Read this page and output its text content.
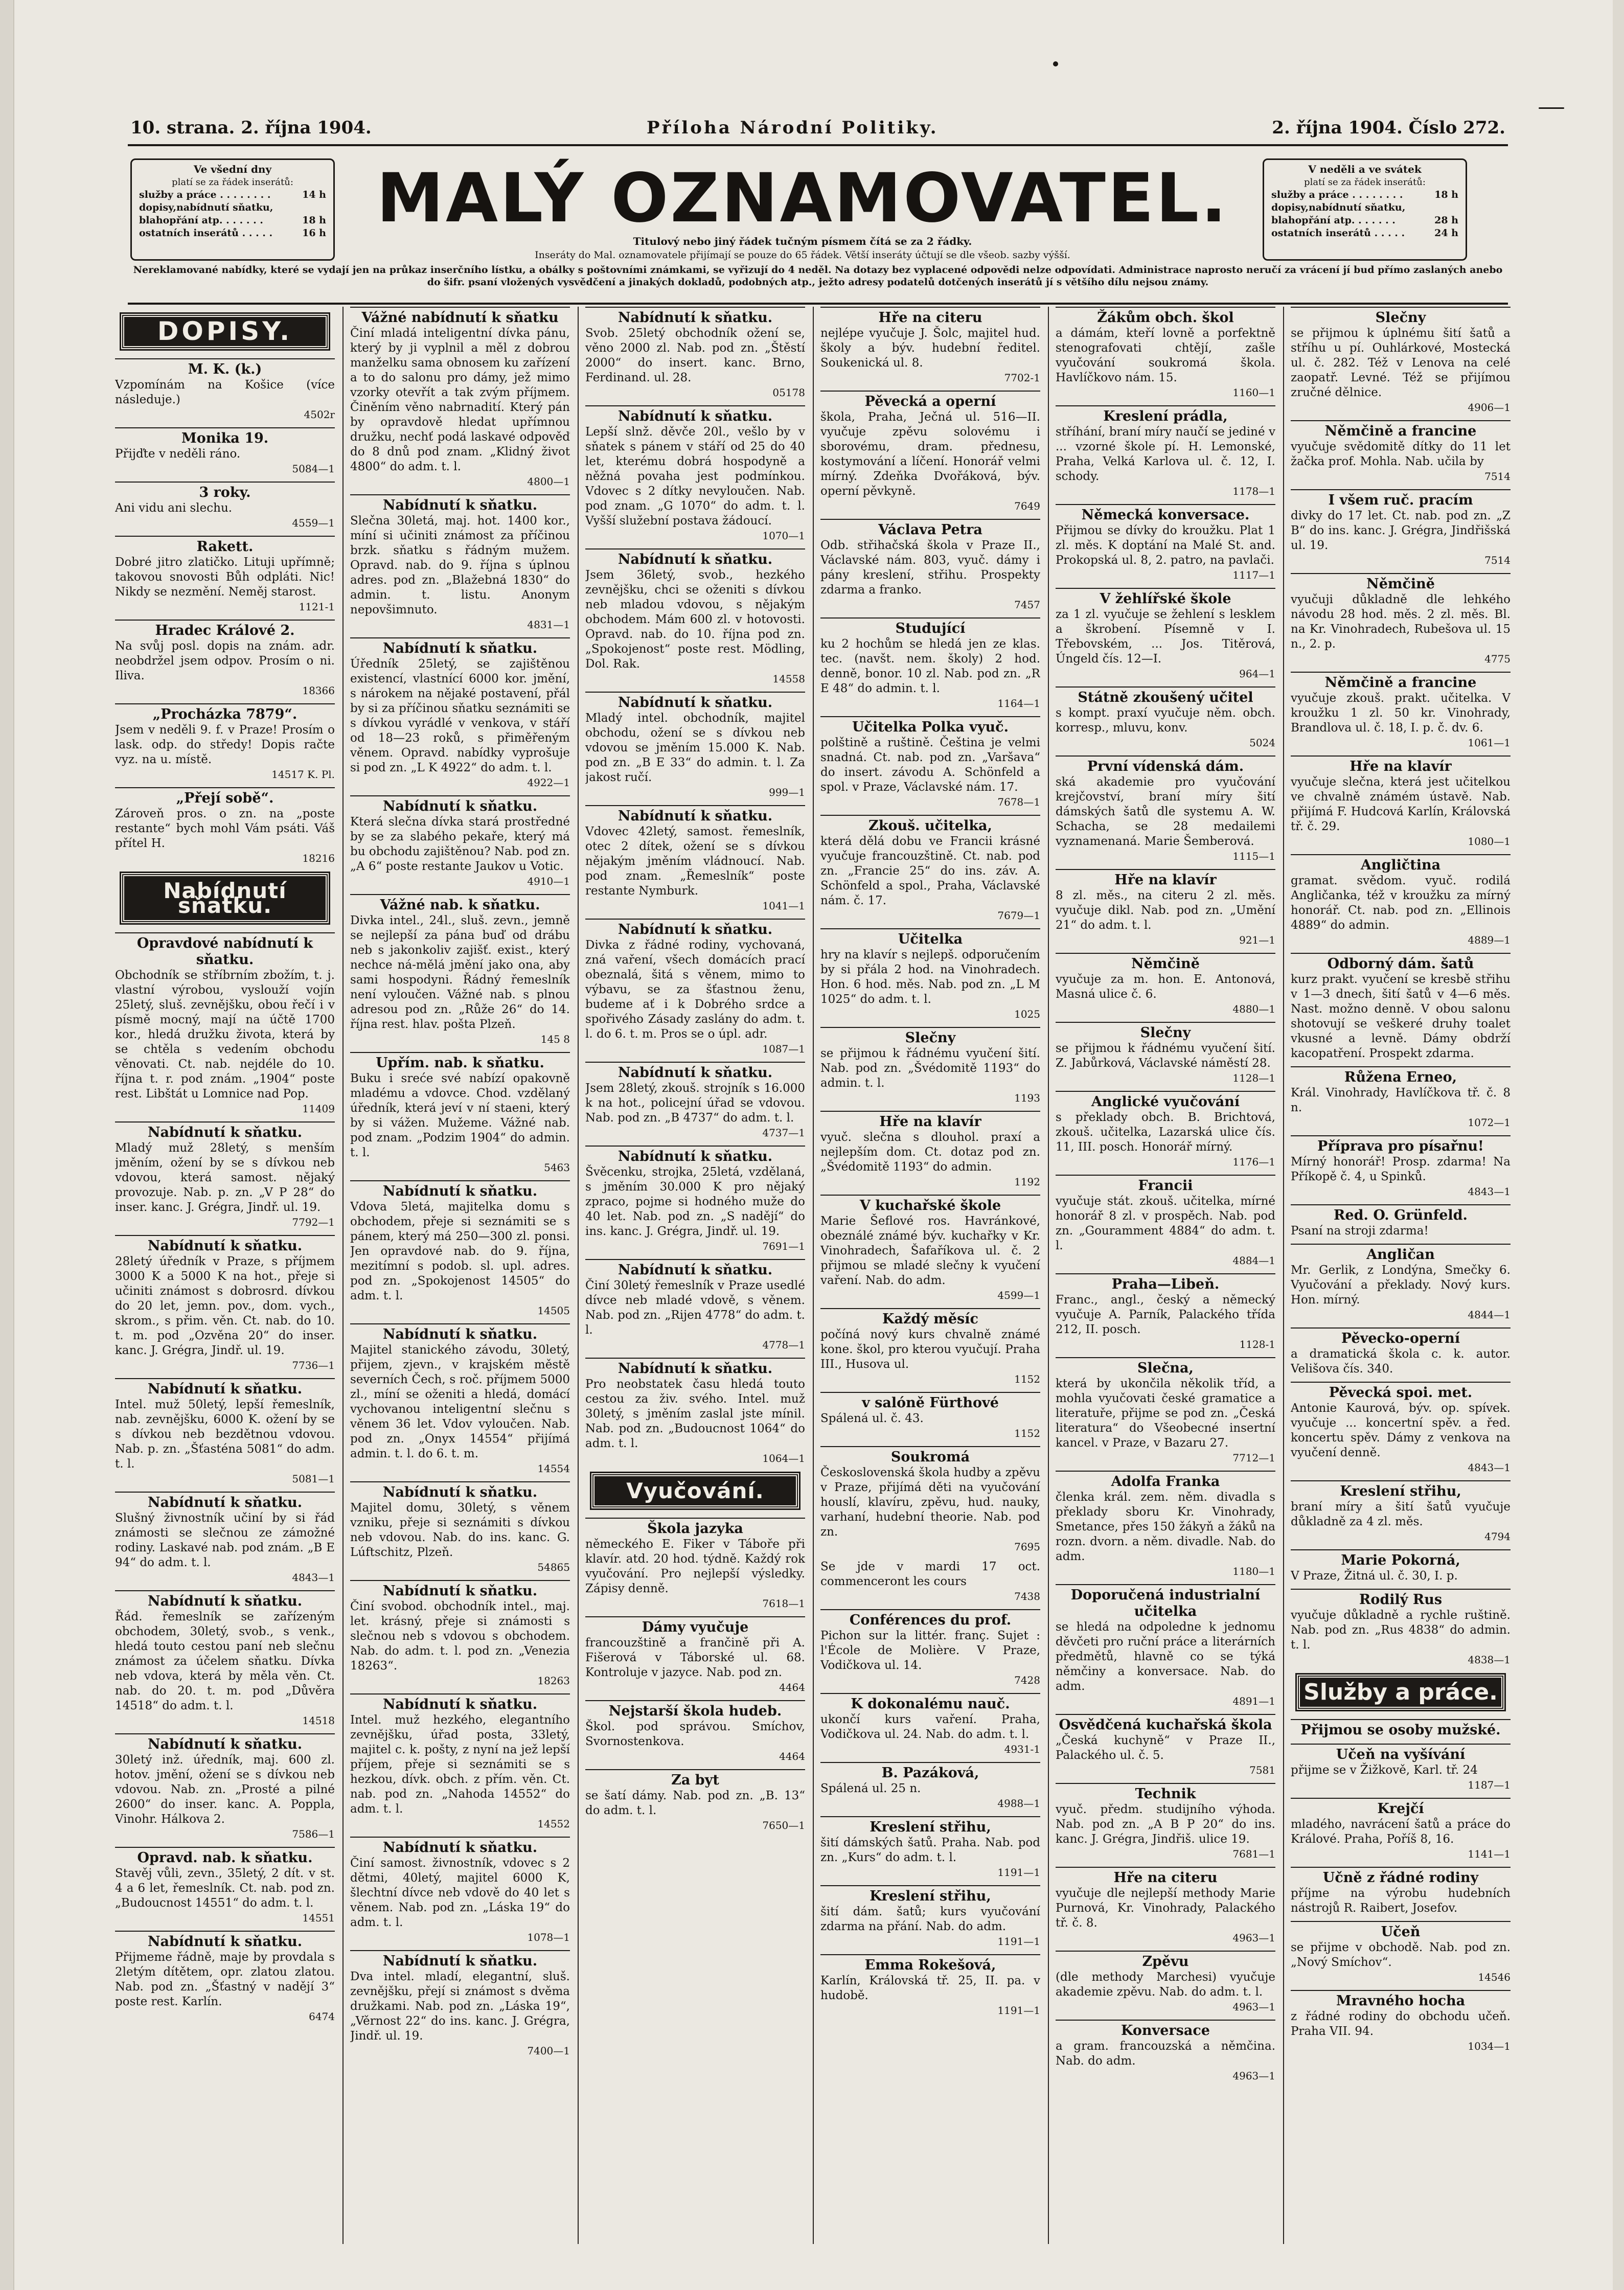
10. strana. 2. října 1904.	Příloha Národní Politiky.	2. října 1904. Číslo 272.
Ve všední dny
platí se za řádek inserátů:
služby a práce . . . . . . . .	14 h
dopisy,nabídnutí sňatku,
blahopřání atp. . . . . . .	18 h
ostatních inserátů . . . . .	16 h MALÝ OZNAMOVATEL.
Titulový nebo jiný řádek tučným písmem čítá se za 2 řádky.
Inseráty do Mal. oznamovatele přijímají se pouze do 65 řádek. Větší inseráty účtují se dle všeob. sazby výšší.
V neděli a ve svátek
platí se za řádek inserátů:
služby a práce . . . . . . . .	18 h
dopisy,nabídnutí sňatku,
blahopřání atp. . . . . . .	28 h
ostatních inserátů . . . . .	24 h
Nereklamované nabídky, které se vydají jen na průkaz inserčního lístku, a obálky s poštovními známkami, se vyřizují do 4 neděl. Na dotazy bez vyplacené odpovědi nelze odpovídati. Administrace naprosto neručí za vrácení jí bud přímo zaslaných anebo do šifr. psaní vložených vysvědčení a jinakých dokladů, podobných atp., ježto adresy podatelů dotčených inserátů jí s většího dílu nejsou známy.
DOPISY.
M. K. (k.)
Vzpomínám na Košice (více následuje.)
4502r
Monika 19.
Přijďte v neděli ráno.
5084—1
3 roky.
Ani vidu ani slechu.
4559—1
Rakett.
Dobré jitro zlatičko. Lituji upřímně; takovou snovosti Bůh odpláti. Nic! Nikdy se nezmění. Neměj starost.
1121-1
Hradec Králové 2.
Na svůj posl. dopis na znám. adr. neobdržel jsem odpov. Prosím o ni. Iliva.
18366
„Procházka 7879“.
Jsem v neděli 9. f. v Praze! Prosím o lask. odp. do středy! Dopis račte vyz. na u. místě.
14517 K. Pl.
„Přejí sobě“.
Zároveň pros. o zn. na „poste restante“ bych mohl Vám psáti. Váš přítel H.
18216
Nabídnutí sňatku.
Opravdové nabídnutí k sňatku.
Obchodník se stříbrním zbožím, t. j. vlastní výrobou, vyslouží vojín 25letý, sluš. zevnějšku, obou řečí i v písmě mocný, mají na účtě 1700 kor., hledá družku života, která by se chtěla s vedením obchodu věnovati. Ct. nab. nejdéle do 10. října t. r. pod znám. „1904“ poste rest. Libštát u Lomnice nad Pop.
11409
Nabídnutí k sňatku.
Mladý muž 28letý, s menším jměním, ožení by se s dívkou neb vdovou, která samost. nějaký provozuje. Nab. p. zn. „V P 28“ do inser. kanc. J. Grégra, Jindř. ul. 19.
7792—1
Nabídnutí k sňatku.
28letý úředník v Praze, s příjmem 3000 K a 5000 K na hot., přeje si učiniti známost s dobrosrd. dívkou do 20 let, jemn. pov., dom. vych., skrom., s přim. věn. Ct. nab. do 10. t. m. pod „Ozvěna 20“ do inser. kanc. J. Grégra, Jindř. ul. 19.
7736—1
Nabídnutí k sňatku.
Intel. muž 50letý, lepší řemeslník, nab. zevnějšku, 6000 K. ožení by se s dívkou neb bezdětnou vdovou. Nab. p. zn. „Šťasténa 5081“ do adm. t. l.
5081—1
Nabídnutí k sňatku.
Slušný živnostník učiní by si řád známosti se slečnou ze zámožné rodiny. Laskavé nab. pod znám. „B E 94“ do adm. t. l.
4843—1
Nabídnutí k sňatku.
Řád. řemeslník se zařízeným obchodem, 30letý, svob., s venk., hledá touto cestou paní neb slečnu známost za účelem sňatku. Dívka neb vdova, která by měla věn. Ct. nab. do 20. t. m. pod „Důvěra 14518“ do adm. t. l.
14518
Nabídnutí k sňatku.
30letý inž. úředník, maj. 600 zl. hotov. jmění, ožení se s dívkou neb vdovou. Nab. zn. „Prosté a pilné 2600“ do inser. kanc. A. Poppla, Vinohr. Hálkova 2.
7586—1
Opravd. nab. k sňatku.
Stavěj vůli, zevn., 35letý, 2 dít. v st. 4 a 6 let, řemeslník. Ct. nab. pod zn. „Budoucnost 14551“ do adm. t. l.
14551
Nabídnutí k sňatku.
Přijmeme řádně, maje by provdala s 2letým dítětem, opr. zlatou zlatou. Nab. pod zn. „Šťastný v nadějí 3“ poste rest. Karlín.
6474
Vážné nabídnutí k sňatku
Činí mladá inteligentní dívka pánu, který by ji vyplnil a měl z dobrou manželku sama obnosem ku zařízení a to do salonu pro dámy, jež mimo vzorky otevřít a tak zvým příjmem. Činěním věno nabrnadití. Který pán by opravdově hledat upřímnou družku, nechť podá laskavé odpověď do 8 dnů pod znam. „Klidný život 4800“ do adm. t. l.
4800—1
Nabídnutí k sňatku.
Slečna 30letá, maj. hot. 1400 kor., míní si učiniti známost za příčinou brzk. sňatku s řádným mužem. Opravd. nab. do 9. října s úplnou adres. pod zn. „Blažebná 1830“ do admin. t. listu. Anonym nepovšimnuto.
4831—1
Nabídnutí k sňatku.
Úředník 25letý, se zajištěnou existencí, vlastnící 6000 kor. jmění, s nárokem na nějaké postavení, přál by si za příčinou sňatku seznámiti se s dívkou vyrádlé v venkova, v stáří od 18—23 roků, s přiměřeným věnem. Opravd. nabídky vyprošuje si pod zn. „L K 4922“ do adm. t. l.
4922—1
Nabídnutí k sňatku.
Která slečna dívka stará prostředné by se za slabého pekaře, který má bu obchodu zajištěnou? Nab. pod zn. „A 6“ poste restante Jaukov u Votic.
4910—1
Vážné nab. k sňatku.
Divka intel., 24l., sluš. zevn., jemně se nejlepší za pána buď od drábu neb s jakonkoliv zajišť. exist., který nechce ná-mělá jmění jako ona, aby sami hospodyni. Řádný řemeslník není vyloučen. Vážné nab. s plnou adresou pod zn. „Růže 26“ do 14. října rest. hlav. pošta Plzeň.
145 8
Upřím. nab. k sňatku.
Buku i sreće své nabízí opakovně mladému a vdovce. Chod. vzdělaný úředník, která jeví v ní staeni, který by si vážen. Mužeme. Vážné nab. pod znam. „Podzim 1904“ do admin. t. l.
5463
Nabídnutí k sňatku.
Vdova 5letá, majitelka domu s obchodem, přeje si seznámiti se s pánem, který má 250—300 zl. ponsi. Jen opravdové nab. do 9. října, mezitímní s podob. sl. upl. adres. pod zn. „Spokojenost 14505“ do adm. t. l.
14505
Nabídnutí k sňatku.
Majitel stanického závodu, 30letý, přijem, zjevn., v krajském městě severních Čech, s roč. příjmem 5000 zl., míní se oženiti a hledá, domácí vychovanou inteligentní slečnu s věnem 36 let. Vdov vyloučen. Nab. pod zn. „Onyx 14554“ přijímá admin. t. l. do 6. t. m.
14554
Nabídnutí k sňatku.
Majitel domu, 30letý, s věnem vzniku, přeje si seznámiti s dívkou neb vdovou. Nab. do ins. kanc. G. Lúftschitz, Plzeň.
54865
Nabídnutí k sňatku.
Činí svobod. obchodník intel., maj. let. krásný, přeje si známosti s slečnou neb s vdovou s obchodem. Nab. do adm. t. l. pod zn. „Venezia 18263“.
18263
Nabídnutí k sňatku.
Intel. muž hezkého, elegantního zevnějšku, úřad posta, 33letý, majitel c. k. pošty, z nyní na jež lepší příjem, přeje si seznámiti se s hezkou, dívk. obch. z přím. věn. Ct. nab. pod zn. „Nahoda 14552“ do adm. t. l.
14552
Nabídnutí k sňatku.
Činí samost. živnostník, vdovec s 2 dětmi, 40letý, majitel 6000 K, šlechtní dívce neb vdově do 40 let s věnem. Nab. pod zn. „Láska 19“ do adm. t. l.
1078—1
Nabídnutí k sňatku.
Dva intel. mladí, elegantní, sluš. zevnějšku, přejí si známost s dvěma družkami. Nab. pod zn. „Láska 19“, „Věrnost 22“ do ins. kanc. J. Grégra, Jindř. ul. 19.
7400—1
Nabídnutí k sňatku.
Svob. 25letý obchodník ožení se, věno 2000 zl. Nab. pod zn. „Štěstí 2000“ do insert. kanc. Brno, Ferdinand. ul. 28.
05178
Nabídnutí k sňatku.
Lepší slnž. děvče 20l., vešlo by v sňatek s pánem v stáří od 25 do 40 let, kterému dobrá hospodyně a něžná povaha jest podmínkou. Vdovec s 2 dítky nevyloučen. Nab. pod znam. „G 1070“ do adm. t. l. Vyšší služební postava žádoucí.
1070—1
Nabídnutí k sňatku.
Jsem 36letý, svob., hezkého zevnějšku, chci se oženiti s dívkou neb mladou vdovou, s nějakým obchodem. Mám 600 zl. v hotovosti. Opravd. nab. do 10. října pod zn. „Spokojenost“ poste rest. Mödling, Dol. Rak.
14558
Nabídnutí k sňatku.
Mladý intel. obchodník, majitel obchodu, ožení se s dívkou neb vdovou se jměním 15.000 K. Nab. pod zn. „B E 33“ do admin. t. l. Za jakost ručí.
999—1
Nabídnutí k sňatku.
Vdovec 42letý, samost. řemeslník, otec 2 dítek, ožení se s dívkou nějakým jměním vládnoucí. Nab. pod znam. „Řemeslník“ poste restante Nymburk.
1041—1
Nabídnutí k sňatku.
Divka z řádné rodiny, vychovaná, zná vaření, všech domácích prací obeznalá, šitá s věnem, mimo to výbavu, se za šťastnou ženu, budeme ať i k Dobrého srdce a spořivého Zásady zaslány do adm. t. l. do 6. t. m. Pros se o úpl. adr.
1087—1
Nabídnutí k sňatku.
Jsem 28letý, zkouš. strojník s 16.000 k na hot., policejní úřad se vdovou. Nab. pod zn. „B 4737“ do adm. t. l.
4737—1
Nabídnutí k sňatku.
Švěcenku, strojka, 25letá, vzdělaná, s jměním 30.000 K pro nějaký zpraco, pojme si hodného muže do 40 let. Nab. pod zn. „S nadějí“ do ins. kanc. J. Grégra, Jindř. ul. 19.
7691—1
Nabídnutí k sňatku.
Činí 30letý řemeslník v Praze usedlé dívce neb mladé vdově, s věnem. Nab. pod zn. „Rijen 4778“ do adm. t. l.
4778—1
Nabídnutí k sňatku.
Pro neobstatek času hledá touto cestou za živ. svého. Intel. muž 30letý, s jměním zaslal jste mínil. Nab. pod zn. „Budoucnost 1064“ do adm. t. l.
1064—1
Vyučování.
Škola jazyka
německého E. Fiker v Táboře při klavír. atd. 20 hod. týdně. Každý rok vyučování. Pro nejlepší výsledky. Zápisy denně.
7618—1
Dámy vyučuje
francouzštině a frančině při A. Fišerová v Táborské ul. 68. Kontroluje v jazyce. Nab. pod zn.
4464
Nejstarší škola hudeb.
Škol. pod správou. Smíchov, Svornostenkova.
4464
Za byt
se šatí dámy. Nab. pod zn. „B. 13“ do adm. t. l.
7650—1
Hře na citeru
nejlépe vyučuje J. Šolc, majitel hud. školy a býv. hudební ředitel. Soukenická ul. 8.
7702-1
Pěvecká a operní
škola, Praha, Ječná ul. 516—II. vyučuje zpěvu solovému i sborovému, dram. přednesu, kostymování a líčení. Honorář velmi mírný. Zdeňka Dvořáková, býv. operní pěvkyně.
7649
Václava Petra
Odb. střihačská škola v Praze II., Václavské nám. 803, vyuč. dámy i pány kreslení, střihu. Prospekty zdarma a franko.
7457
Studující
ku 2 hochům se hledá jen ze klas. tec. (navšt. nem. školy) 2 hod. denně, bonor. 10 zl. Nab. pod zn. „R E 48“ do admin. t. l.
1164—1
Učitelka Polka vyuč.
polštině a ruštině. Čeština je velmi snadná. Ct. nab. pod zn. „Varšava“ do insert. závodu A. Schönfeld a spol. v Praze, Václavské nám. 17.
7678—1
Zkouš. učitelka,
která dělá dobu ve Francii krásné vyučuje francouzštině. Ct. nab. pod zn. „Francie 25“ do ins. záv. A. Schönfeld a spol., Praha, Václavské nám. č. 17.
7679—1
Učitelka
hry na klavír s nejlepš. odporučením by si přála 2 hod. na Vinohradech. Hon. 6 hod. měs. Nab. pod zn. „L M 1025“ do adm. t. l.
1025
Slečny
se přijmou k řádnému vyučení šití. Nab. pod zn. „Švédomitě 1193“ do admin. t. l.
1193
Hře na klavír
vyuč. slečna s dlouhol. praxí a nejlepším dom. Ct. dotaz pod zn. „Švédomitě 1193“ do admin.
1192
V kuchařské škole
Marie Šeflové ros. Havránkové, obeználé známé býv. kuchařky v Kr. Vinohradech, Šafaříkova ul. č. 2 přijmou se mladé slečny k vyučení vaření. Nab. do adm.
4599—1
Každý měsíc
počíná nový kurs chvalně známé kone. škol, pro kterou vyučují. Praha III., Husova ul.
1152
v salóně Fürthové
Spálená ul. č. 43.
1152
Soukromá
Československá škola hudby a zpěvu v Praze, přijímá děti na vyučování houslí, klavíru, zpěvu, hud. nauky, varhaní, hudební theorie. Nab. pod zn.
7695
Se jde v mardi 17 oct. commenceront les cours
7438
Conférences du prof.
Pichon sur la littér. franç. Sujet : l'École de Molière. V Praze, Vodičkova ul. 14.
7428
K dokonalému nauč.
ukončí kurs vaření. Praha, Vodičkova ul. 24. Nab. do adm. t. l.
4931-1
B. Pazáková,
Spálená ul. 25 n.
4988—1
Kreslení střihu,
šití dámských šatů. Praha. Nab. pod zn. „Kurs“ do adm. t. l.
1191—1
Kreslení střihu,
šití dám. šatů; kurs vyučování zdarma na přání. Nab. do adm.
1191—1
Emma Rokešová,
Karlín, Královská tř. 25, II. pa. v hudobě.
1191—1
Žákům obch. škol
a dámám, kteří lovně a porfektně stenografovati chtějí, zašle vyučování soukromá škola. Havlíčkovo nám. 15.
1160—1
Kreslení prádla,
stříhání, braní míry naučí se jediné v ... vzorné škole pí. H. Lemonské, Praha, Velká Karlova ul. č. 12, I. schody.
1178—1
Německá konversace.
Přijmou se dívky do kroužku. Plat 1 zl. měs. K doptání na Malé St. and. Prokopská ul. 8, 2. patro, na pavlači.
1117—1
V žehlířské škole
za 1 zl. vyučuje se žehlení s lesklem a škrobení. Písemně v I. Třebovském, ... Jos. Titěrová, Úngeld čís. 12—I.
964—1
Státně zkoušený učitel
s kompt. praxí vyučuje něm. obch. korresp., mluvu, konv.
5024
První vídenská dám.
ská akademie pro vyučování krejčovství, braní míry šití dámských šatů dle systemu A. W. Schacha, se 28 medailemi vyznamenaná. Marie Šemberová.
1115—1
Hře na klavír
8 zl. měs., na citeru 2 zl. měs. vyučuje dikl. Nab. pod zn. „Umění 21“ do adm. t. l.
921—1
Němčině
vyučuje za m. hon. E. Antonová, Masná ulice č. 6.
4880—1
Slečny
se přijmou k řádnému vyučení šití. Z. Jabůrková, Václavské náměstí 28.
1128—1
Anglické vyučování
s překlady obch. B. Brichtová, zkouš. učitelka, Lazarská ulice čís. 11, III. posch. Honorář mírný.
1176—1
Francii
vyučuje stát. zkouš. učitelka, mírné honorář 8 zl. v prospěch. Nab. pod zn. „Gouramment 4884“ do adm. t. l.
4884—1
Praha—Libeň.
Franc., angl., český a německý vyučuje A. Parník, Palackého třída 212, II. posch.
1128-1
Slečna,
která by ukončila několik tříd, a mohla vyučovati české gramatice a literatuře, přijme se pod zn. „Česká literatura“ do Všeobecné insertní kancel. v Praze, v Bazaru 27.
7712—1
Adolfa Franka
členka král. zem. něm. divadla s překlady sboru Kr. Vinohrady, Smetance, přes 150 žákyň a žáků na rozn. dvorn. a něm. divadle. Nab. do adm.
1180—1
Doporučená industrialní učitelka
se hledá na odpoledne k jednomu děvčeti pro ruční práce a literárních předmětů, hlavně co se týká němčiny a konversace. Nab. do adm.
4891—1
Osvědčená kuchařská škola
„Česká kuchyně“ v Praze II., Palackého ul. č. 5.
7581
Technik
vyuč. předm. studijního výhoda. Nab. pod zn. „A B P 20“ do ins. kanc. J. Grégra, Jindřiš. ulice 19.
7681—1
Hře na citeru
vyučuje dle nejlepší methody Marie Purnová, Kr. Vinohrady, Palackého tř. č. 8.
4963—1
Zpěvu
(dle methody Marchesi) vyučuje akademie zpěvu. Nab. do adm. t. l.
4963—1
Konversace
a gram. francouzská a němčina. Nab. do adm.
4963—1
Slečny
se přijmou k úplnému šití šatů a stříhu u pí. Ouhlárkové, Mostecká ul. č. 282. Též v Lenova na celé zaopatř. Levné. Též se přijímou zručné dělnice.
4906—1
Němčině a francine
vyučuje svědomitě dítky do 11 let žačka prof. Mohla. Nab. učila by
7514
I všem ruč. pracím
divky do 17 let. Ct. nab. pod zn. „Z B“ do ins. kanc. J. Grégra, Jindřišská ul. 19.
7514
Němčině
vyučuji důkladně dle lehkého návodu 28 hod. měs. 2 zl. měs. Bl. na Kr. Vinohradech, Rubešova ul. 15 n., 2. p.
4775
Němčině a francine
vyučuje zkouš. prakt. učitelka. V kroužku 1 zl. 50 kr. Vinohrady, Brandlova ul. č. 18, I. p. č. dv. 6.
1061—1
Hře na klavír
vyučuje slečna, která jest učitelkou ve chvalně známém ústavě. Nab. přijímá F. Hudcová Karlín, Královská tř. č. 29.
1080—1
Angličtina
gramat. svědom. vyuč. rodilá Angličanka, též v kroužku za mírný honorář. Ct. nab. pod zn. „Ellinois 4889“ do admin.
4889—1
Odborný dám. šatů
kurz prakt. vyučení se kresbě střihu v 1—3 dnech, šití šatů v 4—6 měs. Nast. možno denně. V obou salonu shotovují se veškeré druhy toalet vkusné a levně. Dámy obdrží kacopatření. Prospekt zdarma.
Růžena Erneo,
Král. Vinohrady, Havlíčkova tř. č. 8 n.
1072—1
Příprava pro písařnu!
Mírný honorář! Prosp. zdarma! Na Příkopě č. 4, u Spinků.
4843—1
Red. O. Grünfeld.
Psaní na stroji zdarma!
Angličan
Mr. Gerlik, z Londýna, Smečky 6. Vyučování a překlady. Nový kurs. Hon. mírný.
4844—1
Pěvecko-operní
a dramatická škola c. k. autor. Velišova čís. 340.
Pěvecká spoi. met.
Antonie Kaurová, býv. op. spívek. vyučuje ... koncertní spěv. a řed. koncertu spěv. Dámy z venkova na vyučení denně.
4843—1
Kreslení střihu,
braní míry a šití šatů vyučuje důkladně za 4 zl. měs.
4794
Marie Pokorná,
V Praze, Žitná ul. č. 30, I. p.
Rodilý Rus
vyučuje důkladně a rychle ruštině. Nab. pod zn. „Rus 4838“ do admin. t. l.
4838—1
Služby a práce.
Přijmou se osoby mužské.
Učeň na vyšívání
přijme se v Žižkově, Karl. tř. 24
1187—1
Krejčí
mladého, navrácení šatů a práce do Králové. Praha, Poříš 8, 16.
1141—1
Učně z řádné rodiny
příjme na výrobu hudebních nástrojů R. Raibert, Josefov.
Učeň
se přijme v obchodě. Nab. pod zn. „Nový Smíchov“.
14546
Mravného hocha
z řádné rodiny do obchodu učeň. Praha VII. 94.
1034—1
